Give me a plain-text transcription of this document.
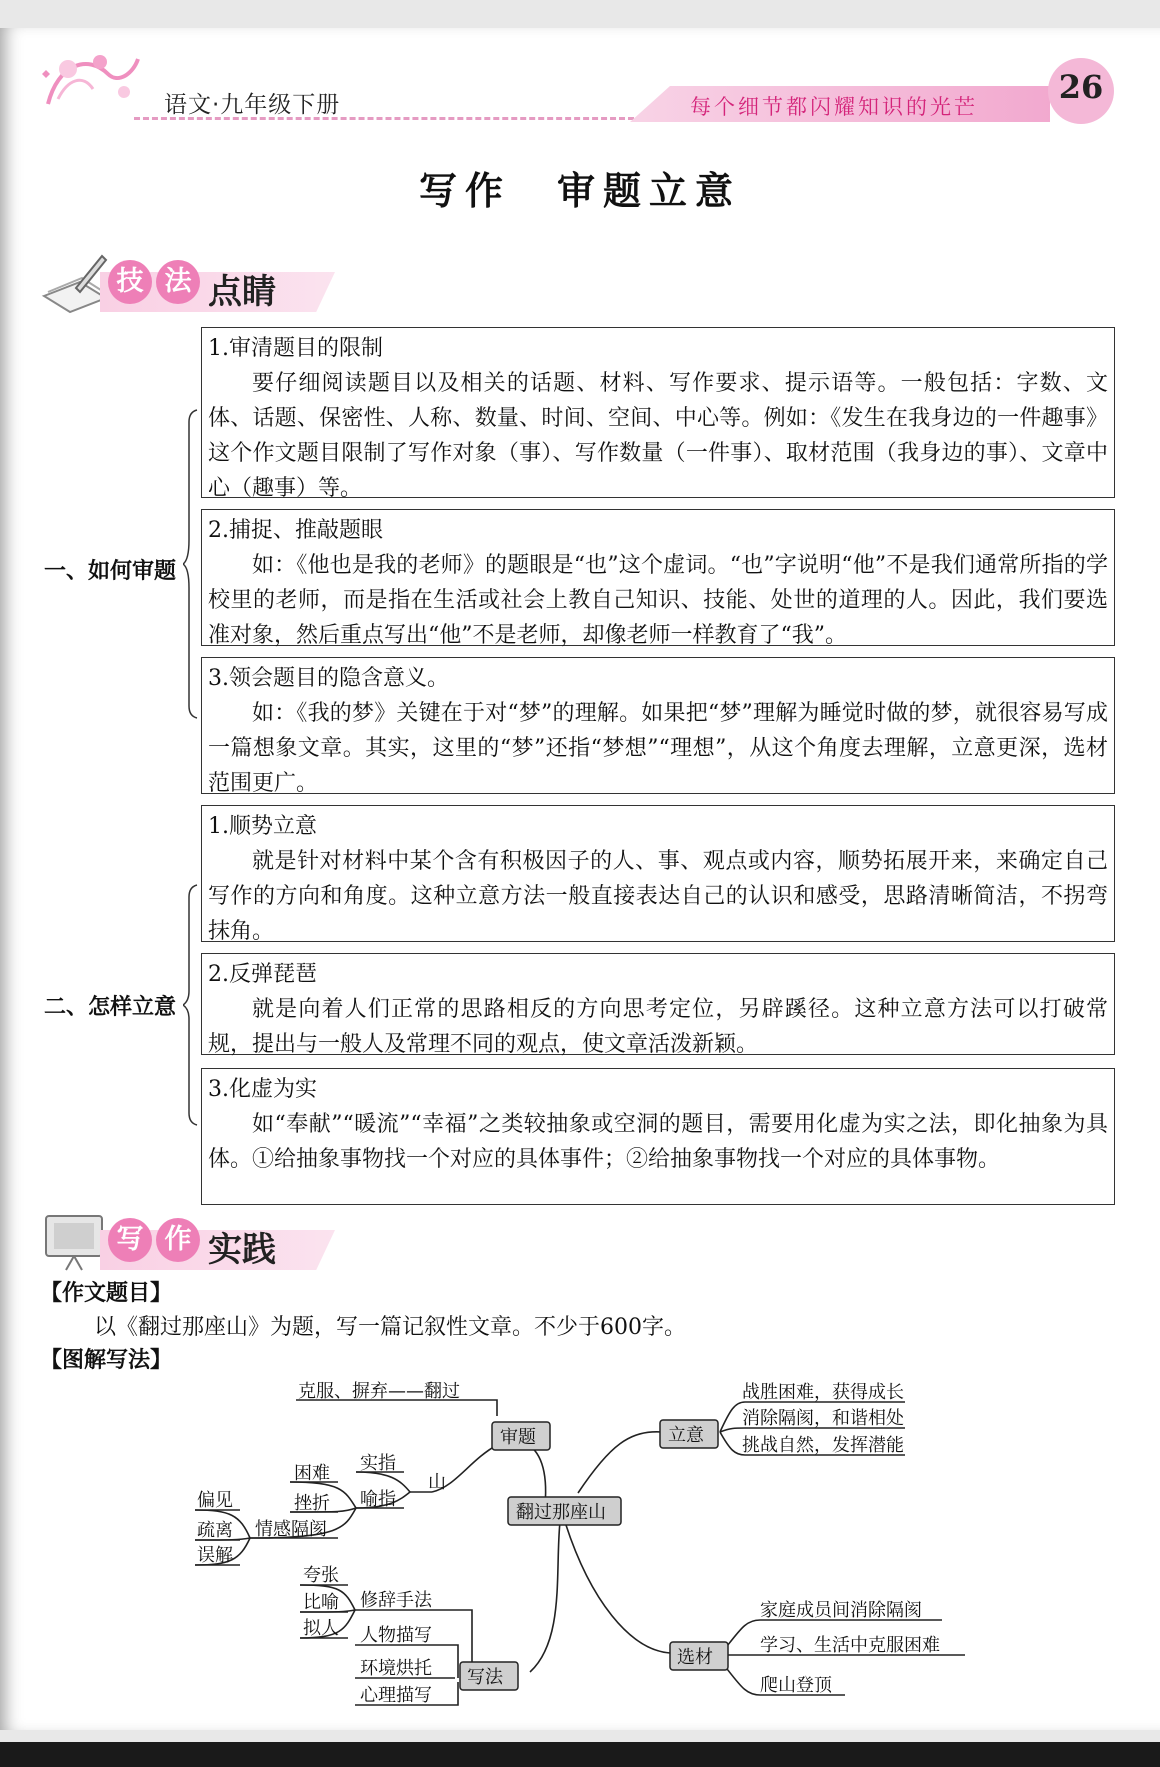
语文·九年级下册	每个细节都闪耀知识的光芒
26
写作　审题立意
技 法 点睛
一、如何审题
1.审清题目的限制
要仔细阅读题目以及相关的话题、材料、写作要求、提示语等。一般包括：字数、文体、话题、保密性、人称、数量、时间、空间、中心等。例如：《发生在我身边的一件趣事》这个作文题目限制了写作对象（事）、写作数量（一件事）、取材范围（我身边的事）、文章中心（趣事）等。
2.捕捉、推敲题眼
如：《他也是我的老师》的题眼是“也”这个虚词。“也”字说明“他”不是我们通常所指的学校里的老师，而是指在生活或社会上教自己知识、技能、处世的道理的人。因此，我们要选准对象，然后重点写出“他”不是老师，却像老师一样教育了“我”。
3.领会题目的隐含意义。
如：《我的梦》关键在于对“梦”的理解。如果把“梦”理解为睡觉时做的梦，就很容易写成一篇想象文章。其实，这里的“梦”还指“梦想”“理想”，从这个角度去理解，立意更深，选材范围更广。
二、怎样立意
1.顺势立意
就是针对材料中某个含有积极因子的人、事、观点或内容，顺势拓展开来，来确定自己写作的方向和角度。这种立意方法一般直接表达自己的认识和感受，思路清晰简洁，不拐弯抹角。
2.反弹琵琶
就是向着人们正常的思路相反的方向思考定位，另辟蹊径。这种立意方法可以打破常规，提出与一般人及常理不同的观点，使文章活泼新颖。
3.化虚为实
如“奉献”“暖流”“幸福”之类较抽象或空洞的题目，需要用化虚为实之法，即化抽象为具体。①给抽象事物找一个对应的具体事件；②给抽象事物找一个对应的具体事物。
写 作 实践
【作文题目】
以《翻过那座山》为题，写一篇记叙性文章。不少于600字。
【图解写法】
翻过那座山
审题
克服、摒弃——翻过
山
实指
喻指
困难
挫折
情感隔阂
偏见
疏离
误解
立意
战胜困难，获得成长
消除隔阂，和谐相处
挑战自然，发挥潜能
选材
家庭成员间消除隔阂
学习、生活中克服困难
爬山登顶
写法
修辞手法
夸张
比喻
拟人 人物描写
环境烘托
心理描写
